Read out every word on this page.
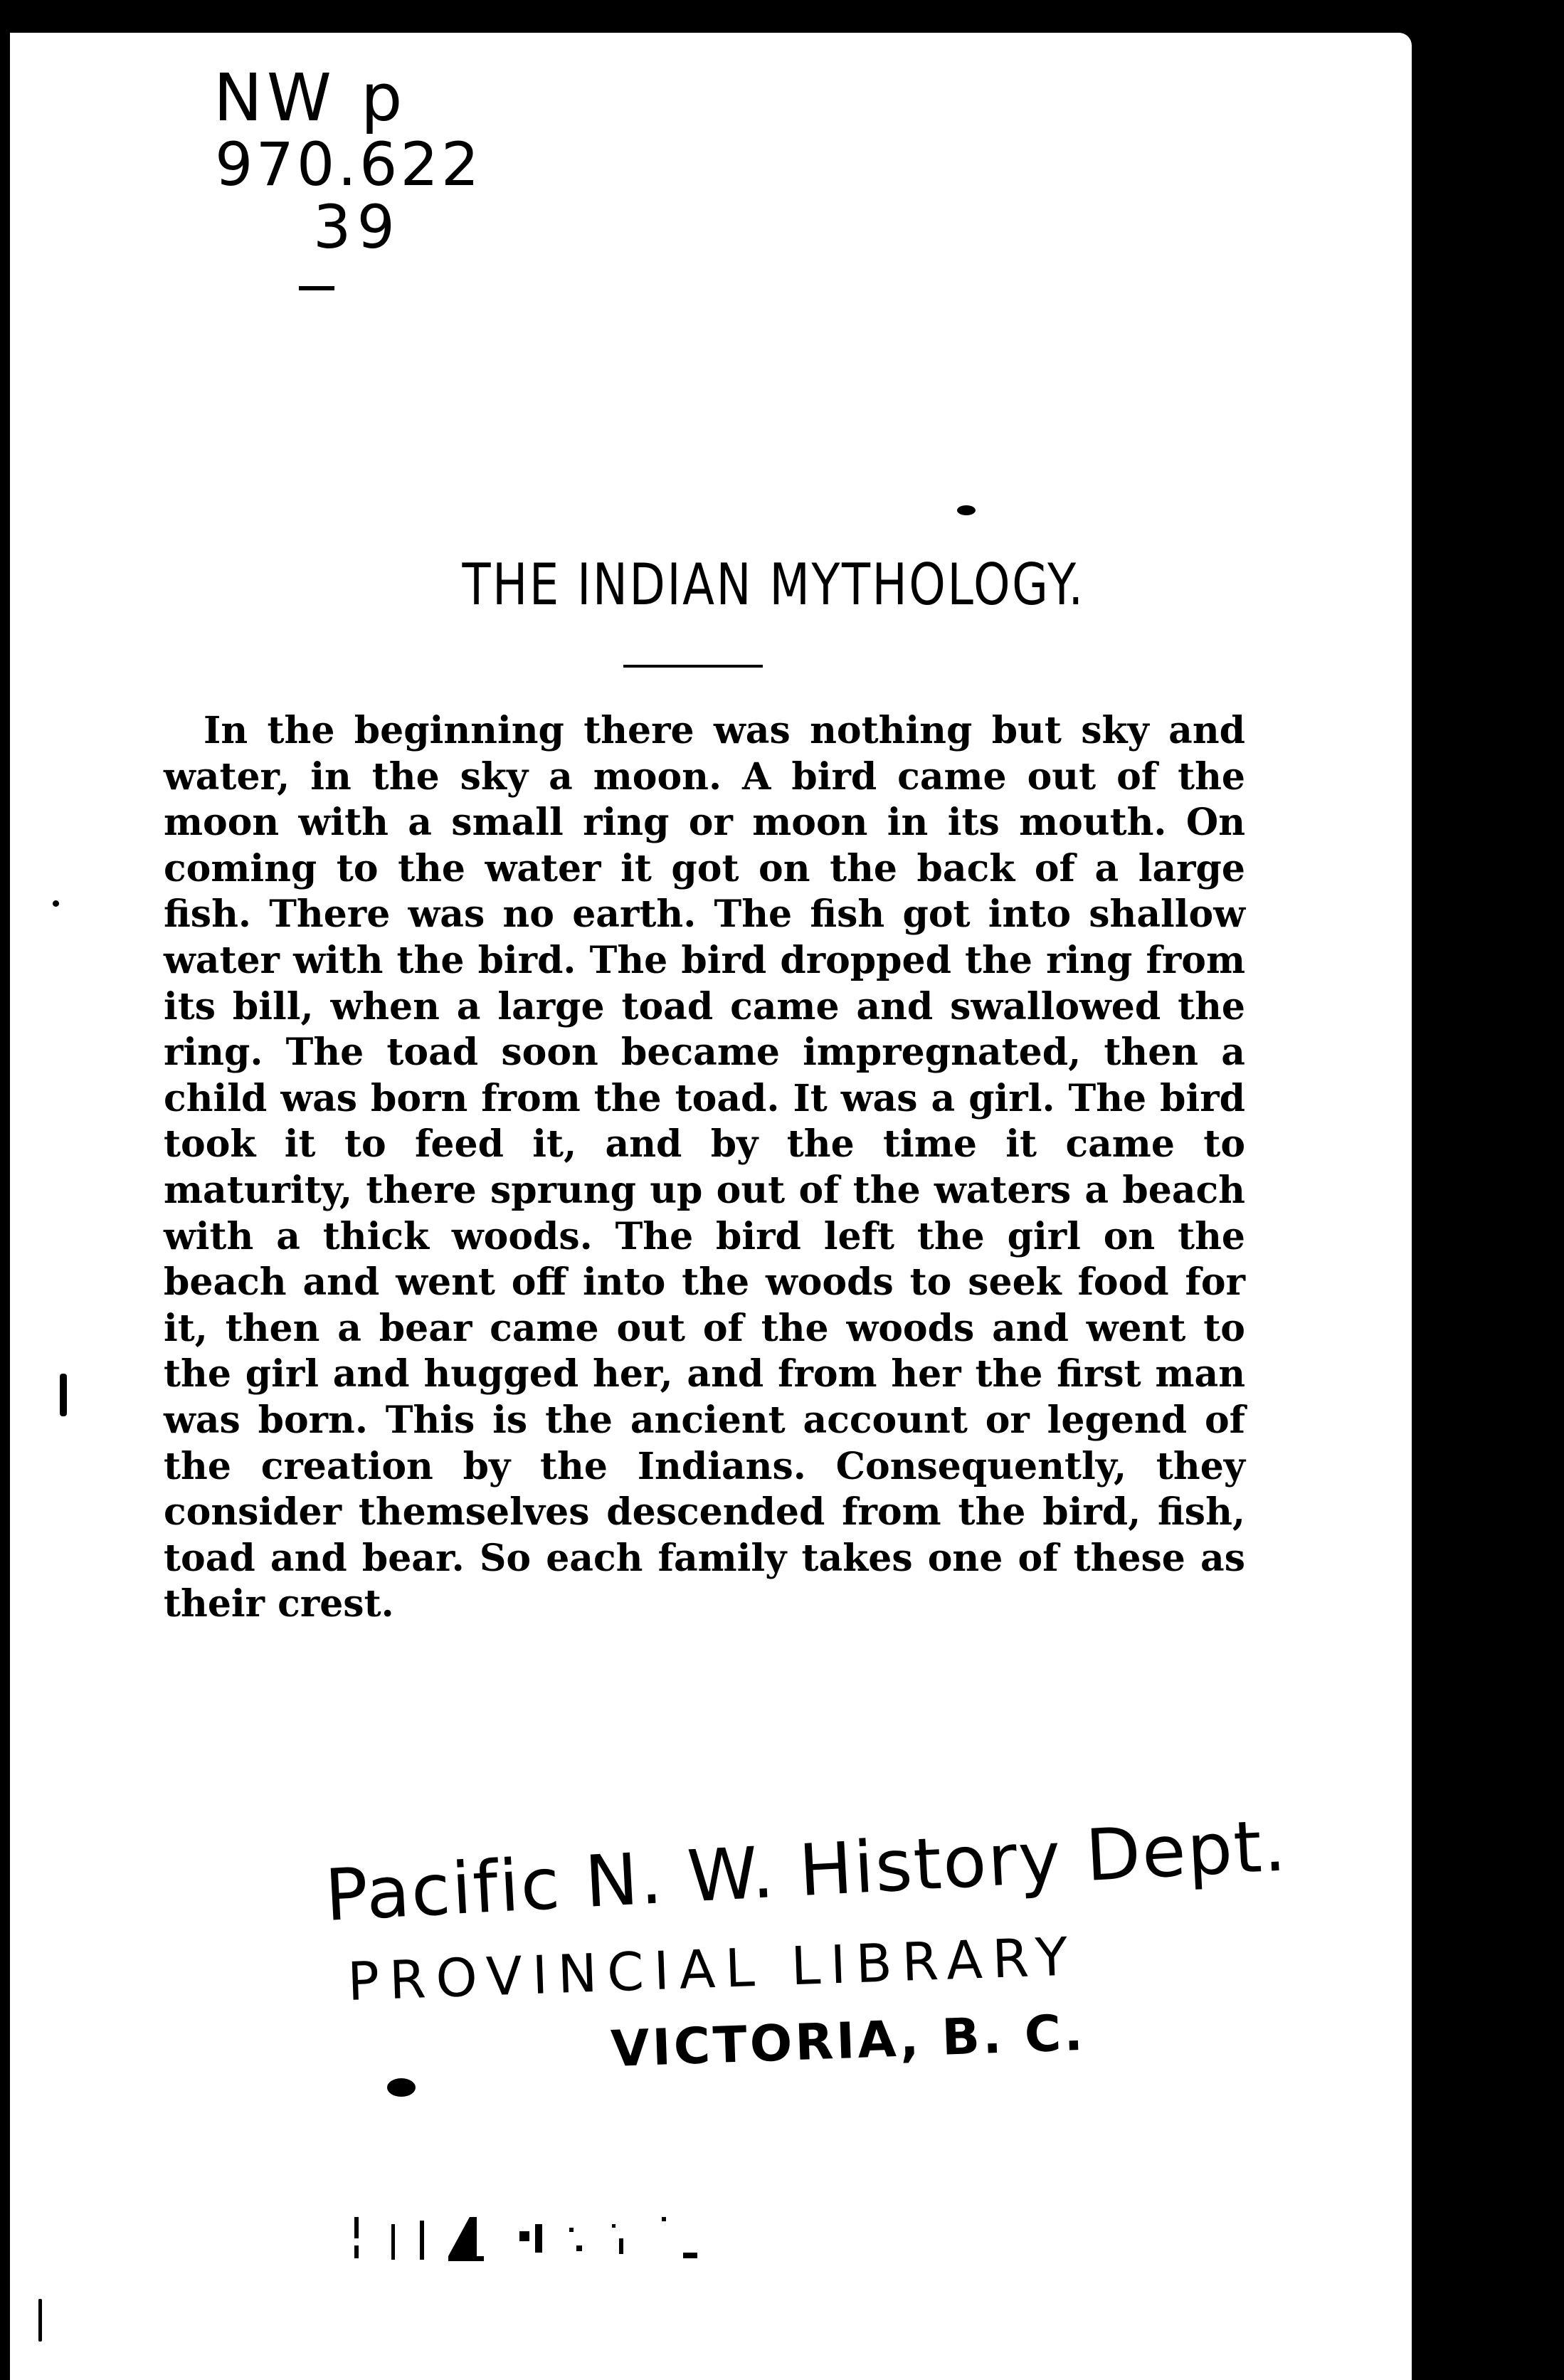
NW p
970.622
39
THE INDIAN MYTHOLOGY.

In the beginning there was nothing but sky and water, in the sky a moon. A bird came out of the moon with a small ring or moon in its mouth. On coming to the water it got on the back of a large fish. There was no earth. The fish got into shallow water with the bird. The bird dropped the ring from its bill, when a large toad came and swallowed the ring. The toad soon became impregnated, then a child was born from the toad. It was a girl. The bird took it to feed it, and by the time it came to maturity, there sprung up out of the waters a beach with a thick woods. The bird left the girl on the beach and went off into the woods to seek food for it, then a bear came out of the woods and went to the girl and hugged her, and from her the first man was born. This is the ancient account or legend of the creation by the Indians. Consequently, they consider themselves descended from the bird, fish, toad and bear. So each family takes one of these as their crest.

Pacific N. W. History Dept.
PROVINCIAL LIBRARY
VICTORIA, B. C.
